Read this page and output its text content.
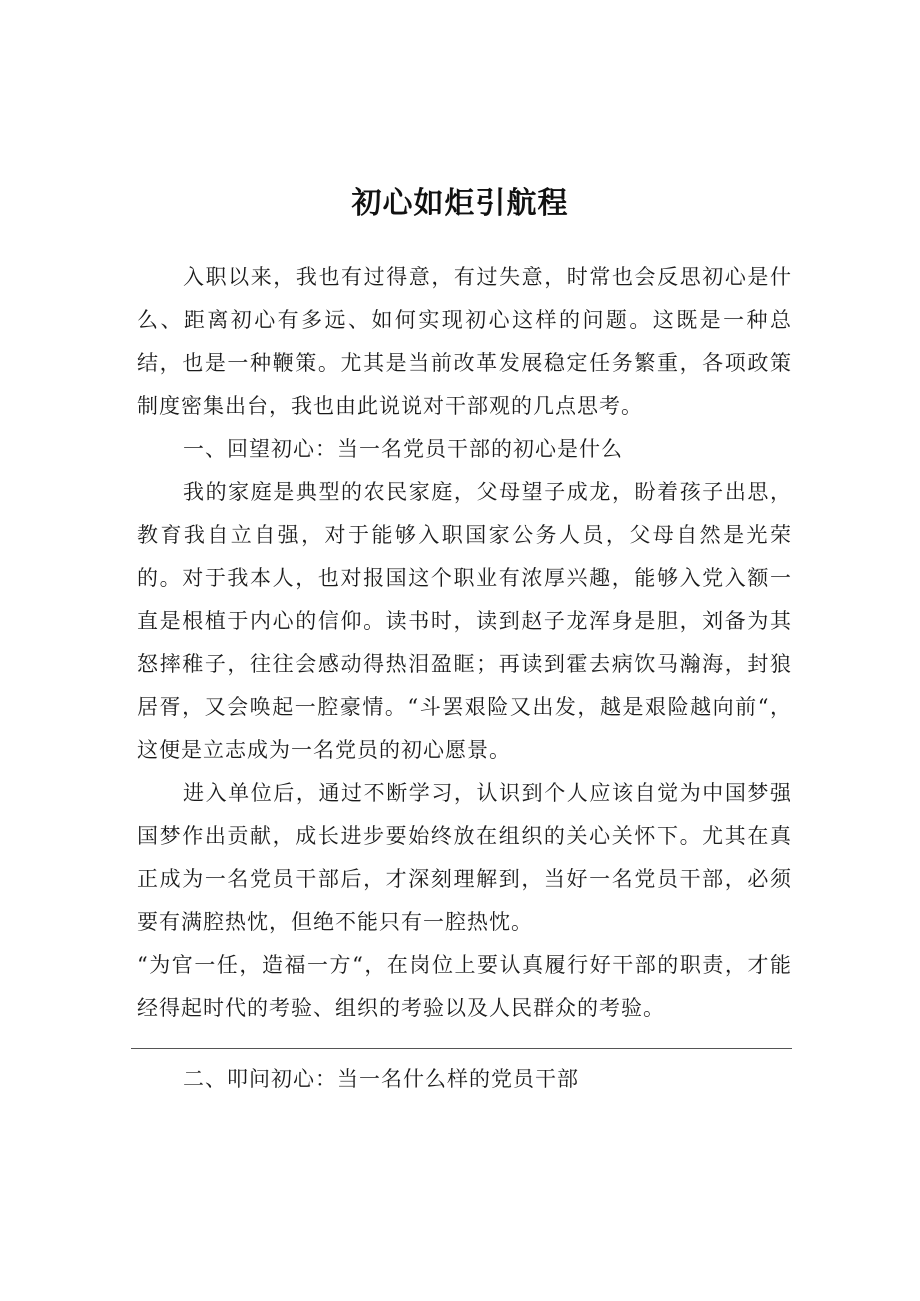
初心如炬引航程

入职以来，我也有过得意，有过失意，时常也会反思初心是什么、距离初心有多远、如何实现初心这样的问题。这既是一种总结，也是一种鞭策。尤其是当前改革发展稳定任务繁重，各项政策制度密集出台，我也由此说说对干部观的几点思考。

一、回望初心：当一名党员干部的初心是什么

我的家庭是典型的农民家庭，父母望子成龙，盼着孩子出思，教育我自立自强，对于能够入职国家公务人员，父母自然是光荣的。对于我本人，也对报国这个职业有浓厚兴趣，能够入党入额一直是根植于内心的信仰。读书时，读到赵子龙浑身是胆，刘备为其怒摔稚子，往往会感动得热泪盈眶；再读到霍去病饮马瀚海，封狼居胥，又会唤起一腔豪情。“斗罢艰险又出发，越是艰险越向前“，这便是立志成为一名党员的初心愿景。

进入单位后，通过不断学习，认识到个人应该自觉为中国梦强国梦作出贡献，成长进步要始终放在组织的关心关怀下。尤其在真正成为一名党员干部后，才深刻理解到，当好一名党员干部，必须要有满腔热忱，但绝不能只有一腔热忱。

“为官一任，造福一方“，在岗位上要认真履行好干部的职责，才能经得起时代的考验、组织的考验以及人民群众的考验。

二、叩问初心：当一名什么样的党员干部
